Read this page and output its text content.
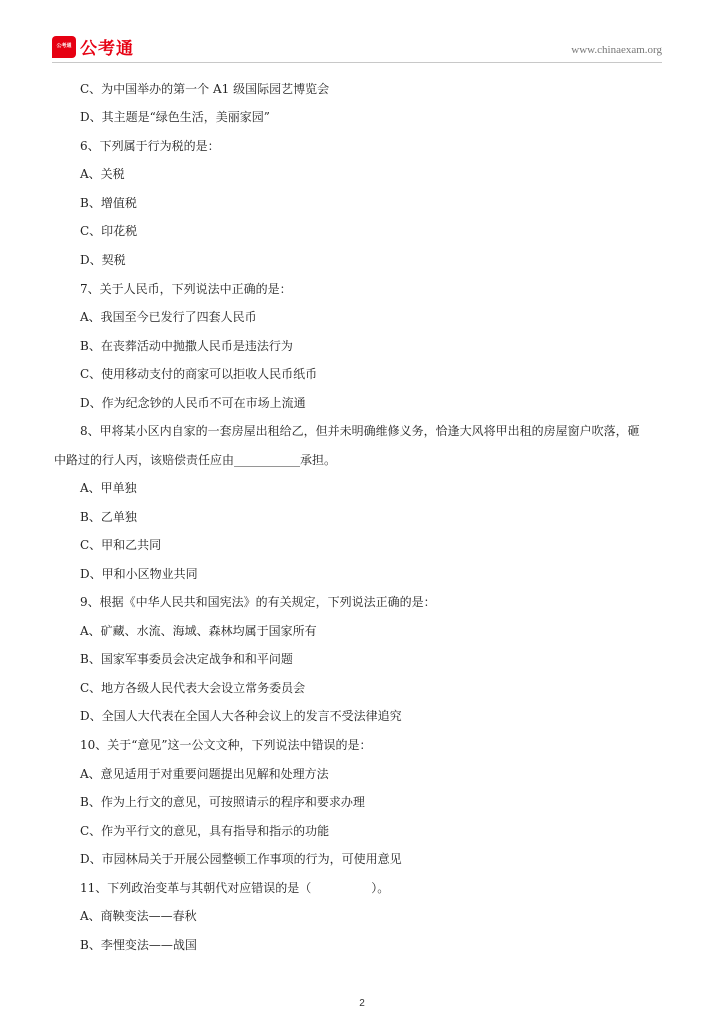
公考通 公考通	www.chinaexam.org
C、为中国举办的第一个 A1 级国际园艺博览会
D、其主题是“绿色生活，美丽家园”
6、下列属于行为税的是：
A、关税
B、增值税
C、印花税
D、契税
7、关于人民币，下列说法中正确的是：
A、我国至今已发行了四套人民币
B、在丧葬活动中抛撒人民币是违法行为
C、使用移动支付的商家可以拒收人民币纸币
D、作为纪念钞的人民币不可在市场上流通
8、甲将某小区内自家的一套房屋出租给乙，但并未明确维修义务，恰逢大风将甲出租的房屋窗户吹落，砸
中路过的行人丙，该赔偿责任应由___________承担。
A、甲单独
B、乙单独
C、甲和乙共同
D、甲和小区物业共同
9、根据《中华人民共和国宪法》的有关规定，下列说法正确的是：
A、矿藏、水流、海域、森林均属于国家所有
B、国家军事委员会决定战争和和平问题
C、地方各级人民代表大会设立常务委员会
D、全国人大代表在全国人大各种会议上的发言不受法律追究
10、关于“意见”这一公文文种，下列说法中错误的是：
A、意见适用于对重要问题提出见解和处理方法
B、作为上行文的意见，可按照请示的程序和要求办理
C、作为平行文的意见，具有指导和指示的功能
D、市园林局关于开展公园整顿工作事项的行为，可使用意见
11、下列政治变革与其朝代对应错误的是（　　　　　）。
A、商鞅变法——春秋
B、李悝变法——战国
2
